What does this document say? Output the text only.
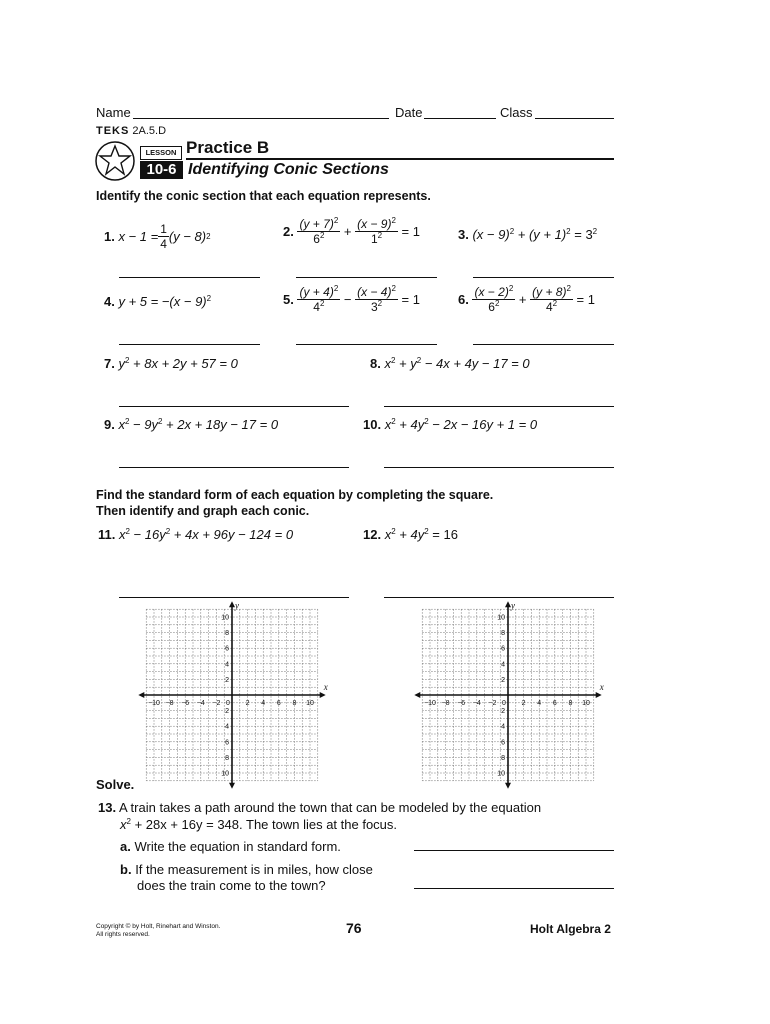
Name	Date	Class
TEKS 2A.5.D
LESSON
10-6
Practice B
Identifying Conic Sections
Identify the conic section that each equation represents.
1.
$x - 1 = \frac{1}{4} (y - 8)$ 2	2.
$\frac{(y + 7)^2}{6^2}$
+
$\frac{(x - 9)^2}{1^2}$
= 1	3. $(x - 9)^2 + (y + 1)^2 = 3^2$
4. $y + 5 = -(x - 9)^2$	5.
$\frac{(y + 4)^2}{4^2}$
−
$\frac{(x - 4)^2}{3^2}$
= 1	6.
$\frac{(x - 2)^2}{6^2}$
+
$\frac{(y + 8)^2}{4^2}$
= 1
7. $y^2 + 8x + 2y + 57 = 0$	8. $x^2 + y^2 - 4x + 4y - 17 = 0$
9. $x^2 - 9y^2 + 2x + 18y - 17 = 0$	10. $x^2 + 4y^2 - 2x - 16y + 1 = 0$
Find the standard form of each equation by completing the square.
Then identify and graph each conic.
11. $x^2 - 16y^2 + 4x + 96y - 124 = 0$	12. $x^2 + 4y^2 = 16$
−10 −8 −6 −4 −2 0 2 4 6 8 10
10
8
6
4
2
2
4
6
8
10
x
y
−10 −8 −6 −4 −2 0 2 4 6 8 10
10
8
6
4
2
2
4
6
8
10
x
y
Solve.
13. A train takes a path around the town that can be modeled by the equation
$x^2 + 28x + 16y = 348$. The town lies at the focus.
a. Write the equation in standard form.
b. If the measurement is in miles, how close
does the train come to the town?
Copyright © by Holt, Rinehart and Winston.
All rights reserved.	76	Holt Algebra 2
